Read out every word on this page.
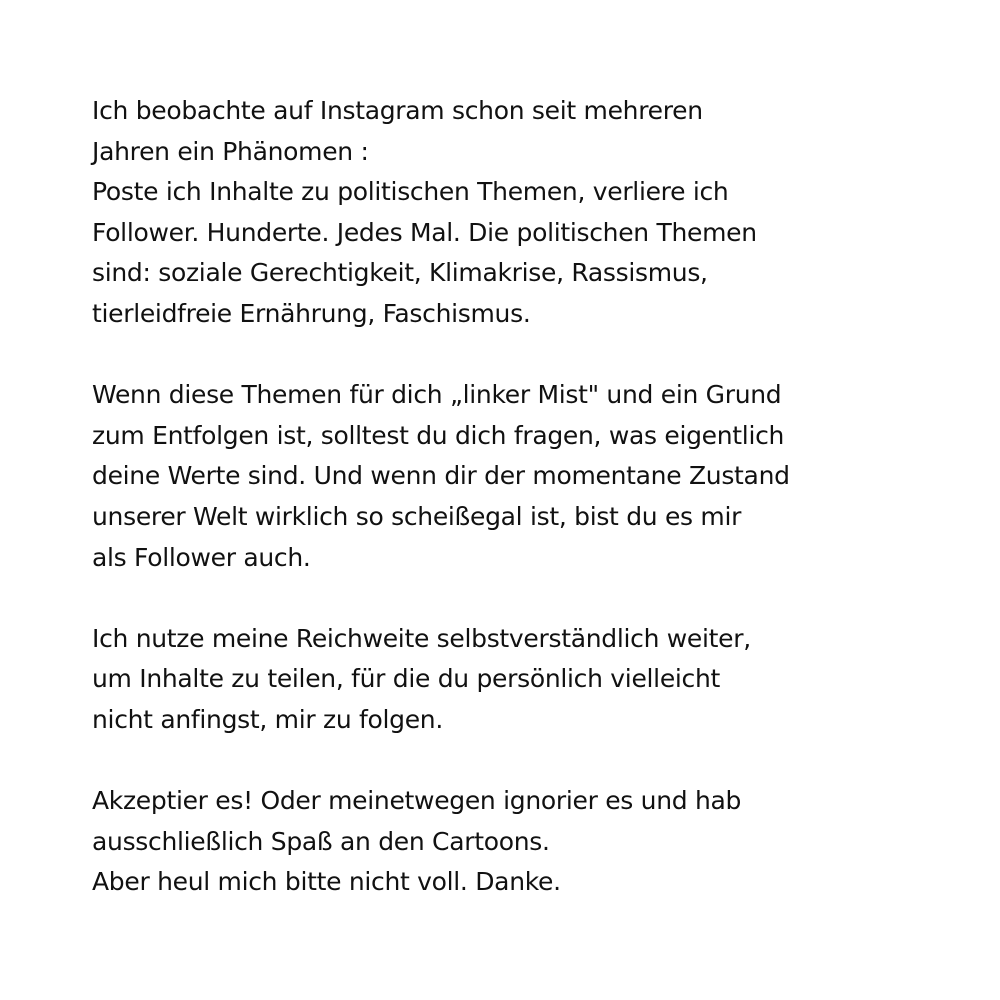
Ich beobachte auf Instagram schon seit mehreren
Jahren ein Phänomen :
Poste ich Inhalte zu politischen Themen, verliere ich
Follower. Hunderte. Jedes Mal. Die politischen Themen
sind: soziale Gerechtigkeit, Klimakrise, Rassismus,
tierleidfreie Ernährung, Faschismus.

Wenn diese Themen für dich „linker Mist" und ein Grund
zum Entfolgen ist, solltest du dich fragen, was eigentlich
deine Werte sind. Und wenn dir der momentane Zustand
unserer Welt wirklich so scheißegal ist, bist du es mir
als Follower auch.

Ich nutze meine Reichweite selbstverständlich weiter,
um Inhalte zu teilen, für die du persönlich vielleicht
nicht anfingst, mir zu folgen.

Akzeptier es! Oder meinetwegen ignorier es und hab
ausschließlich Spaß an den Cartoons.
Aber heul mich bitte nicht voll. Danke.
